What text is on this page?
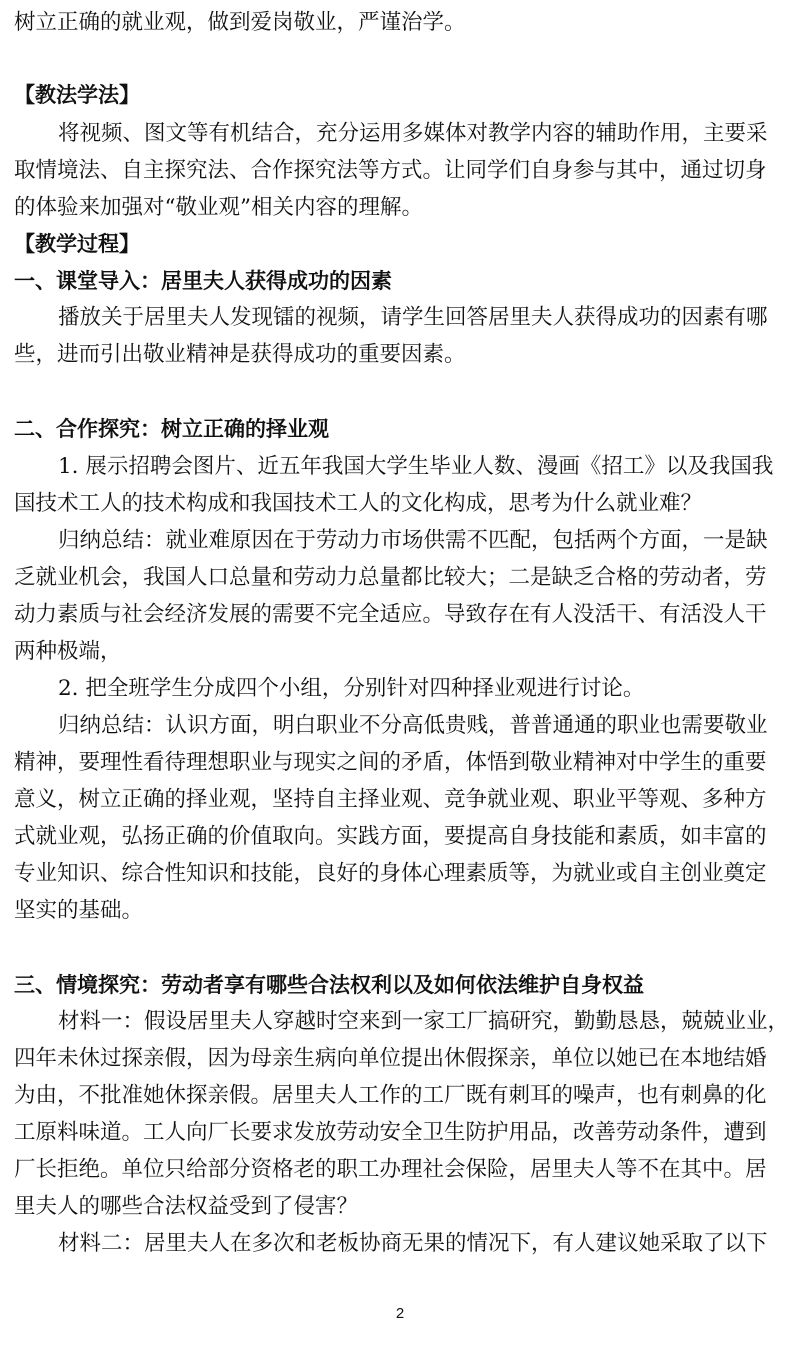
树立正确的就业观，做到爱岗敬业，严谨治学。
【教法学法】
将视频、图文等有机结合，充分运用多媒体对教学内容的辅助作用，主要采
取情境法、自主探究法、合作探究法等方式。让同学们自身参与其中，通过切身
的体验来加强对“敬业观”相关内容的理解。
【教学过程】
一、课堂导入：居里夫人获得成功的因素
播放关于居里夫人发现镭的视频，请学生回答居里夫人获得成功的因素有哪
些，进而引出敬业精神是获得成功的重要因素。
二、合作探究：树立正确的择业观
1. 展示招聘会图片、近五年我国大学生毕业人数、漫画《招工》以及我国我
国技术工人的技术构成和我国技术工人的文化构成，思考为什么就业难？
归纳总结：就业难原因在于劳动力市场供需不匹配，包括两个方面，一是缺
乏就业机会，我国人口总量和劳动力总量都比较大；二是缺乏合格的劳动者，劳
动力素质与社会经济发展的需要不完全适应。导致存在有人没活干、有活没人干
两种极端，
2. 把全班学生分成四个小组，分别针对四种择业观进行讨论。
归纳总结：认识方面，明白职业不分高低贵贱，普普通通的职业也需要敬业
精神，要理性看待理想职业与现实之间的矛盾，体悟到敬业精神对中学生的重要
意义，树立正确的择业观，坚持自主择业观、竞争就业观、职业平等观、多种方
式就业观，弘扬正确的价值取向。实践方面，要提高自身技能和素质，如丰富的
专业知识、综合性知识和技能，良好的身体心理素质等，为就业或自主创业奠定
坚实的基础。
三、情境探究：劳动者享有哪些合法权利以及如何依法维护自身权益
材料一：假设居里夫人穿越时空来到一家工厂搞研究，勤勤恳恳，兢兢业业，
四年未休过探亲假，因为母亲生病向单位提出休假探亲，单位以她已在本地结婚
为由，不批准她休探亲假。居里夫人工作的工厂既有刺耳的噪声，也有刺鼻的化
工原料味道。工人向厂长要求发放劳动安全卫生防护用品，改善劳动条件，遭到
厂长拒绝。单位只给部分资格老的职工办理社会保险，居里夫人等不在其中。居
里夫人的哪些合法权益受到了侵害？
材料二：居里夫人在多次和老板协商无果的情况下，有人建议她采取了以下
2
